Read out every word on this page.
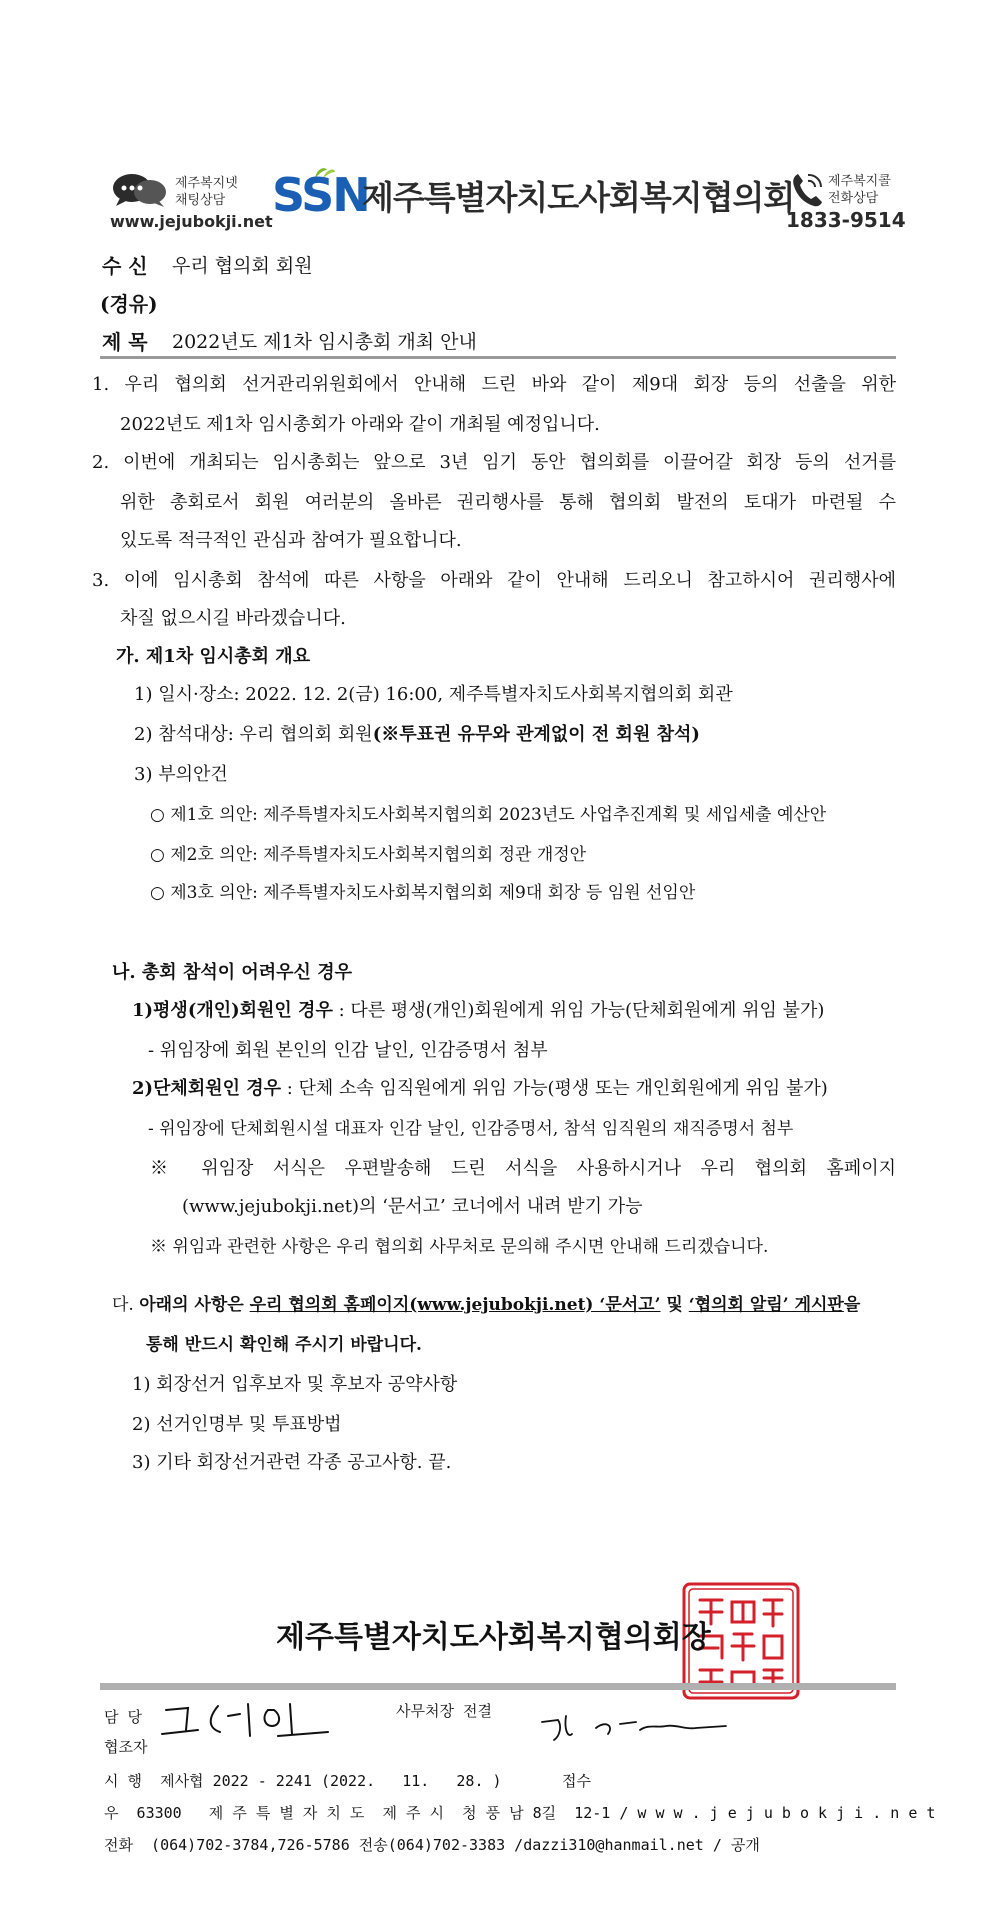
제주복지넷
채팅상담
www.jejubokji.net SSN
제주특별자치도사회복지협의회	제주복지콜
전화상담
1833-9514
수 신 우리 협의회 회원
(경유)
제 목 2022년도 제1차 임시총회 개최 안내
1. 우리 협의회 선거관리위원회에서 안내해 드린 바와 같이 제9대 회장 등의 선출을 위한
2022년도 제1차 임시총회가 아래와 같이 개최될 예정입니다.
2. 이번에 개최되는 임시총회는 앞으로 3년 임기 동안 협의회를 이끌어갈 회장 등의 선거를
위한 총회로서 회원 여러분의 올바른 권리행사를 통해 협의회 발전의 토대가 마련될 수
있도록 적극적인 관심과 참여가 필요합니다.
3. 이에 임시총회 참석에 따른 사항을 아래와 같이 안내해 드리오니 참고하시어 권리행사에
차질 없으시길 바라겠습니다.
가. 제1차 임시총회 개요
1) 일시·장소: 2022. 12. 2(금) 16:00, 제주특별자치도사회복지협의회 회관
2) 참석대상: 우리 협의회 회원(※투표권 유무와 관계없이 전 회원 참석)
3) 부의안건
○ 제1호 의안: 제주특별자치도사회복지협의회 2023년도 사업추진계획 및 세입세출 예산안
○ 제2호 의안: 제주특별자치도사회복지협의회 정관 개정안
○ 제3호 의안: 제주특별자치도사회복지협의회 제9대 회장 등 임원 선임안
나. 총회 참석이 어려우신 경우
1)평생(개인)회원인 경우 : 다른 평생(개인)회원에게 위임 가능(단체회원에게 위임 불가)
- 위임장에 회원 본인의 인감 날인, 인감증명서 첨부
2)단체회원인 경우 : 단체 소속 임직원에게 위임 가능(평생 또는 개인회원에게 위임 불가)
- 위임장에 단체회원시설 대표자 인감 날인, 인감증명서, 참석 임직원의 재직증명서 첨부
※ 위임장 서식은 우편발송해 드린 서식을 사용하시거나 우리 협의회 홈페이지
(www.jejubokji.net)의 ‘문서고’ 코너에서 내려 받기 가능
※ 위임과 관련한 사항은 우리 협의회 사무처로 문의해 주시면 안내해 드리겠습니다.
다. 아래의 사항은 우리 협의회 홈페이지(www.jejubokji.net) ‘문서고’ 및 ‘협의회 알림’ 게시판을
통해 반드시 확인해 주시기 바랍니다.
1) 회장선거 입후보자 및 후보자 공약사항
2) 선거인명부 및 투표방법
3) 기타 회장선거관련 각종 공고사항. 끝.
제주특별자치도사회복지협의회장
담 당	사무처장 전결
협조자
시 행  제사협 2022 - 2241 (2022.   11.   28. )	접수
우  63300   제 주 특 별 자 치 도  제 주 시  청 풍 남 8길  12-1 / w w w . j e j u b o k j i . n e t
전화  (064)702-3784,726-5786 전송(064)702-3383 /dazzi310@hanmail.net / 공개
